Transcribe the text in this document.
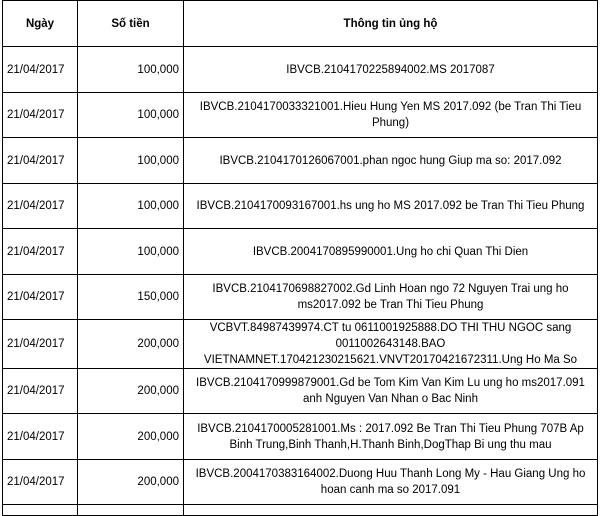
Ngày	Số tiền	Thông tin ủng hộ
21/04/2017	100,000	IBVCB.2104170225894002.MS 2017087
21/04/2017	100,000	IBVCB.2104170033321001.Hieu Hung Yen MS 2017.092 (be Tran Thi Tieu Phung)
21/04/2017	100,000	IBVCB.2104170126067001.phan ngoc hung Giup ma so: 2017.092
21/04/2017	100,000	IBVCB.2104170093167001.hs ung ho MS 2017.092 be Tran Thi Tieu Phung
21/04/2017	100,000	IBVCB.2004170895990001.Ung ho chi Quan Thi Dien
21/04/2017	150,000	IBVCB.2104170698827002.Gd Linh Hoan ngo 72 Nguyen Trai ung ho ms2017.092 be Tran Thi Tieu Phung
21/04/2017	200,000	VCBVT.84987439974.CT tu 0611001925888.DO THI THU NGOC sang 0011002643148.BAO VIETNAMNET.170421230215621.VNVT20170421672311.Ung Ho Ma So
21/04/2017	200,000	IBVCB.2104170999879001.Gd be Tom Kim Van Kim Lu ung ho ms2017.091 anh Nguyen Van Nhan o Bac Ninh
21/04/2017	200,000	IBVCB.2104170005281001.Ms : 2017.092 Be Tran Thi Tieu Phung 707B Ap Binh Trung,Binh Thanh,H.Thanh Binh,DogThap Bi ung thu mau
21/04/2017	200,000	IBVCB.2004170383164002.Duong Huu Thanh Long My - Hau Giang Ung ho hoan canh ma so 2017.091
